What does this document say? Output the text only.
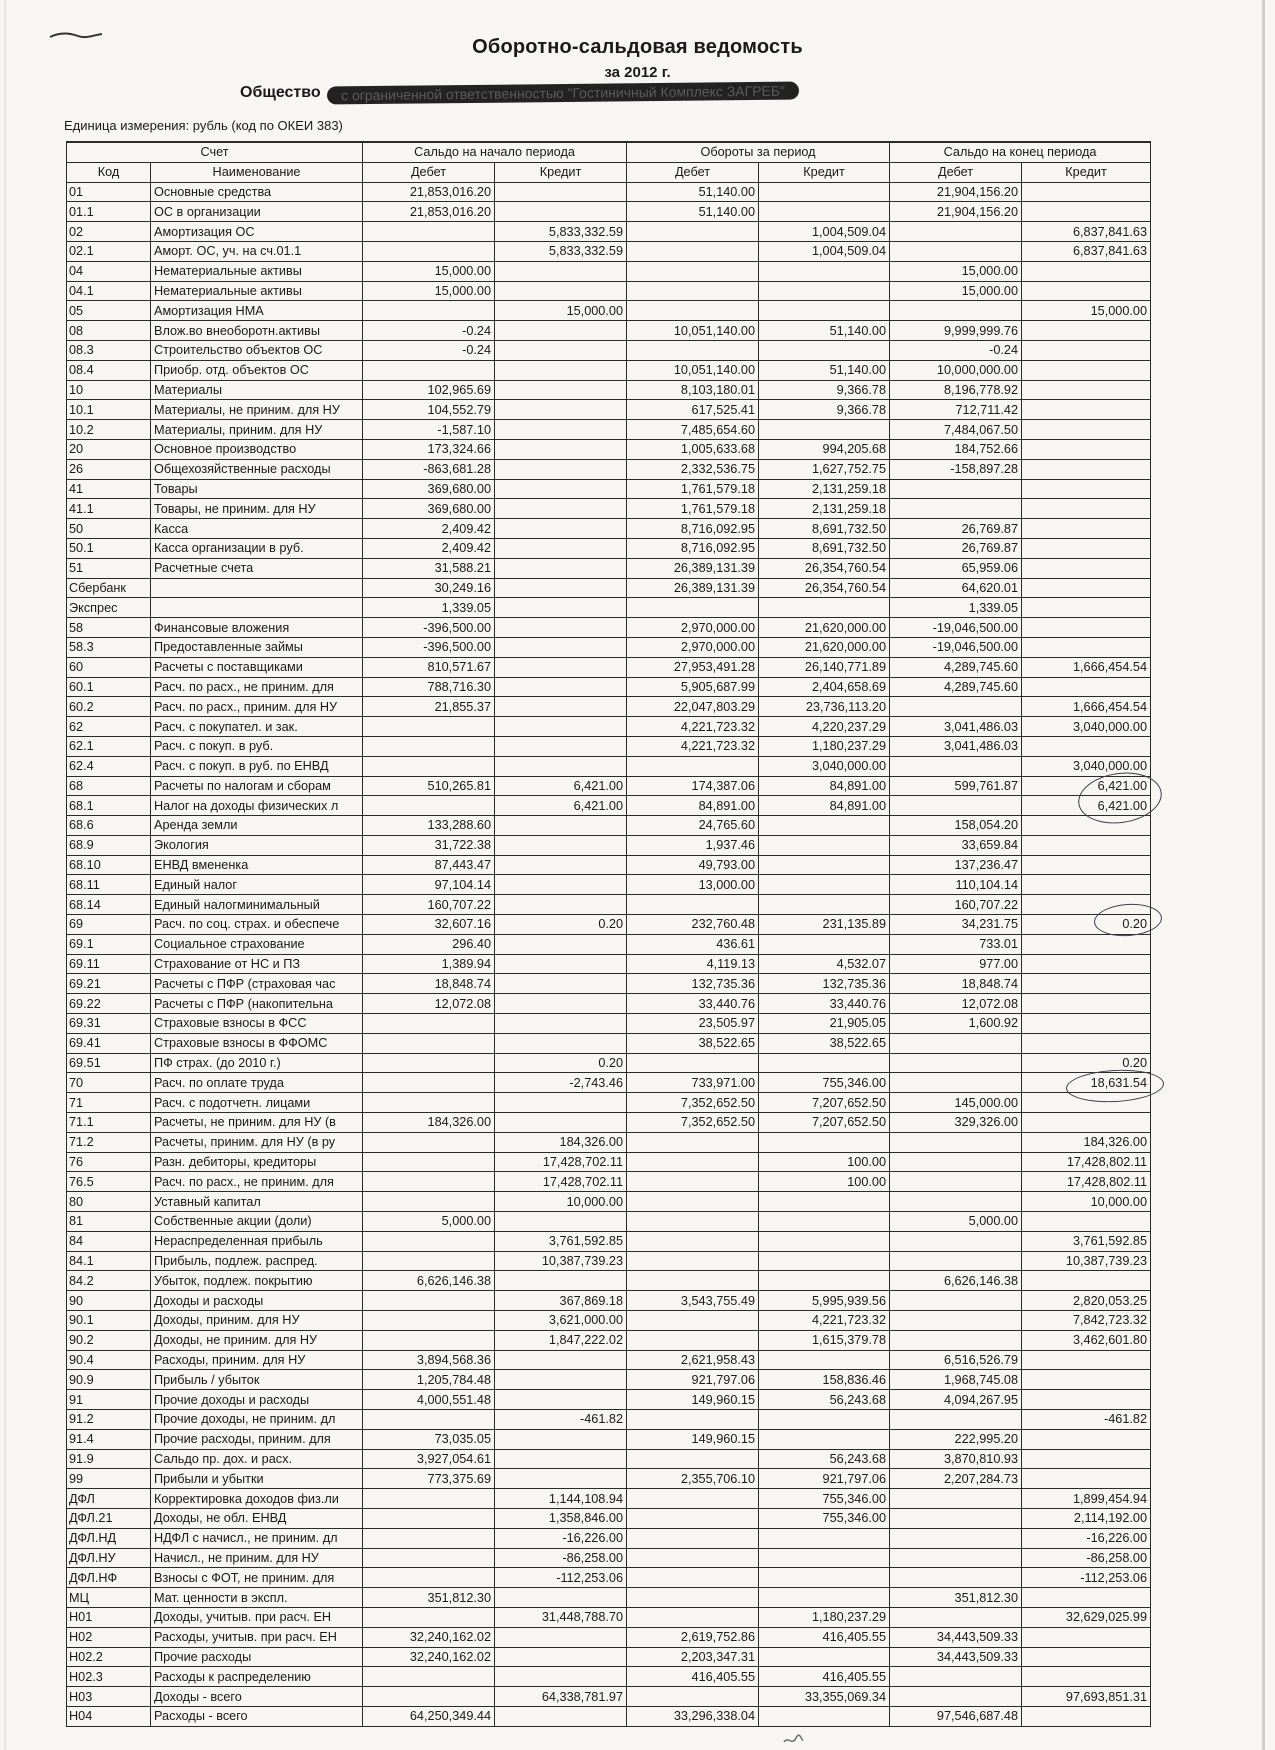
Оборотно-сальдовая ведомость
за 2012 г.
Общество	с ограниченной ответственностью "Гостиничный Комплекс ЗАГРЕБ"
Единица измерения: рубль (код по ОКЕИ 383)
Счет		Сальдо на начало периода		Обороты за период		Сальдо на конец периода	
Код	Наименование	Дебет	Кредит	Дебет	Кредит	Дебет	Кредит
01	Основные средства	21,853,016.20		51,140.00		21,904,156.20	
01.1	ОС в организации	21,853,016.20		51,140.00		21,904,156.20	
02	Амортизация ОС		5,833,332.59		1,004,509.04		6,837,841.63
02.1	Аморт. ОС, уч. на сч.01.1		5,833,332.59		1,004,509.04		6,837,841.63
04	Нематериальные активы	15,000.00				15,000.00	
04.1	Нематериальные активы	15,000.00				15,000.00	
05	Амортизация НМА		15,000.00				15,000.00
08	Влож.во внеоборотн.активы	-0.24		10,051,140.00	51,140.00	9,999,999.76	
08.3	Строительство объектов ОС	-0.24				-0.24	
08.4	Приобр. отд. объектов ОС			10,051,140.00	51,140.00	10,000,000.00	
10	Материалы	102,965.69		8,103,180.01	9,366.78	8,196,778.92	
10.1	Материалы, не приним. для НУ	104,552.79		617,525.41	9,366.78	712,711.42	
10.2	Материалы, приним. для НУ	-1,587.10		7,485,654.60		7,484,067.50	
20	Основное производство	173,324.66		1,005,633.68	994,205.68	184,752.66	
26	Общехозяйственные расходы	-863,681.28		2,332,536.75	1,627,752.75	-158,897.28	
41	Товары	369,680.00		1,761,579.18	2,131,259.18		
41.1	Товары, не приним. для НУ	369,680.00		1,761,579.18	2,131,259.18		
50	Касса	2,409.42		8,716,092.95	8,691,732.50	26,769.87	
50.1	Касса организации в руб.	2,409.42		8,716,092.95	8,691,732.50	26,769.87	
51	Расчетные счета	31,588.21		26,389,131.39	26,354,760.54	65,959.06	
Сбербанк		30,249.16		26,389,131.39	26,354,760.54	64,620.01	
Экспрес		1,339.05				1,339.05	
58	Финансовые вложения	-396,500.00		2,970,000.00	21,620,000.00	-19,046,500.00	
58.3	Предоставленные займы	-396,500.00		2,970,000.00	21,620,000.00	-19,046,500.00	
60	Расчеты с поставщиками	810,571.67		27,953,491.28	26,140,771.89	4,289,745.60	1,666,454.54
60.1	Расч. по расх., не приним. для	788,716.30		5,905,687.99	2,404,658.69	4,289,745.60	
60.2	Расч. по расх., приним. для НУ	21,855.37		22,047,803.29	23,736,113.20		1,666,454.54
62	Расч. с покупател. и зак.			4,221,723.32	4,220,237.29	3,041,486.03	3,040,000.00
62.1	Расч. с покуп. в руб.			4,221,723.32	1,180,237.29	3,041,486.03	
62.4	Расч. с покуп. в руб. по ЕНВД				3,040,000.00		3,040,000.00
68	Расчеты по налогам и сборам	510,265.81	6,421.00	174,387.06	84,891.00	599,761.87	6,421.00
68.1	Налог на доходы физических л		6,421.00	84,891.00	84,891.00		6,421.00
68.6	Аренда земли	133,288.60		24,765.60		158,054.20	
68.9	Экология	31,722.38		1,937.46		33,659.84	
68.10	ЕНВД вмененка	87,443.47		49,793.00		137,236.47	
68.11	Единый налог	97,104.14		13,000.00		110,104.14	
68.14	Единый налогминимальный	160,707.22				160,707.22	
69	Расч. по соц. страх. и обеспече	32,607.16	0.20	232,760.48	231,135.89	34,231.75	0.20
69.1	Социальное страхование	296.40		436.61		733.01	
69.11	Страхование от НС и ПЗ	1,389.94		4,119.13	4,532.07	977.00	
69.21	Расчеты с ПФР (страховая час	18,848.74		132,735.36	132,735.36	18,848.74	
69.22	Расчеты с ПФР (накопительна	12,072.08		33,440.76	33,440.76	12,072.08	
69.31	Страховые взносы в ФСС			23,505.97	21,905.05	1,600.92	
69.41	Страховые взносы в ФФОМС			38,522.65	38,522.65		
69.51	ПФ страх. (до 2010 г.)		0.20				0.20
70	Расч. по оплате труда		-2,743.46	733,971.00	755,346.00		18,631.54
71	Расч. с подотчетн. лицами			7,352,652.50	7,207,652.50	145,000.00	
71.1	Расчеты, не приним. для НУ (в	184,326.00		7,352,652.50	7,207,652.50	329,326.00	
71.2	Расчеты, приним. для НУ (в ру		184,326.00				184,326.00
76	Разн. дебиторы, кредиторы		17,428,702.11		100.00		17,428,802.11
76.5	Расч. по расх., не приним. для		17,428,702.11		100.00		17,428,802.11
80	Уставный капитал		10,000.00				10,000.00
81	Собственные акции (доли)	5,000.00				5,000.00	
84	Нераспределенная прибыль		3,761,592.85				3,761,592.85
84.1	Прибыль, подлеж. распред.		10,387,739.23				10,387,739.23
84.2	Убыток, подлеж. покрытию	6,626,146.38				6,626,146.38	
90	Доходы и расходы		367,869.18	3,543,755.49	5,995,939.56		2,820,053.25
90.1	Доходы, приним. для НУ		3,621,000.00		4,221,723.32		7,842,723.32
90.2	Доходы, не приним. для НУ		1,847,222.02		1,615,379.78		3,462,601.80
90.4	Расходы, приним. для НУ	3,894,568.36		2,621,958.43		6,516,526.79	
90.9	Прибыль / убыток	1,205,784.48		921,797.06	158,836.46	1,968,745.08	
91	Прочие доходы и расходы	4,000,551.48		149,960.15	56,243.68	4,094,267.95	
91.2	Прочие доходы, не приним. дл		-461.82				-461.82
91.4	Прочие расходы, приним. для	73,035.05		149,960.15		222,995.20	
91.9	Сальдо пр. дох. и расх.	3,927,054.61			56,243.68	3,870,810.93	
99	Прибыли и убытки	773,375.69		2,355,706.10	921,797.06	2,207,284.73	
ДФЛ	Корректировка доходов физ.ли		1,144,108.94		755,346.00		1,899,454.94
ДФЛ.21	Доходы, не обл. ЕНВД		1,358,846.00		755,346.00		2,114,192.00
ДФЛ.НД	НДФЛ с начисл., не приним. дл		-16,226.00				-16,226.00
ДФЛ.НУ	Начисл., не приним. для НУ		-86,258.00				-86,258.00
ДФЛ.НФ	Взносы с ФОТ, не приним. для		-112,253.06				-112,253.06
МЦ	Мат. ценности в экспл.	351,812.30				351,812.30	
Н01	Доходы, учитыв. при расч. ЕН		31,448,788.70		1,180,237.29		32,629,025.99
Н02	Расходы, учитыв. при расч. ЕН	32,240,162.02		2,619,752.86	416,405.55	34,443,509.33	
Н02.2	Прочие расходы	32,240,162.02		2,203,347.31		34,443,509.33	
Н02.3	Расходы к распределению			416,405.55	416,405.55		
Н03	Доходы - всего		64,338,781.97		33,355,069.34		97,693,851.31
Н04	Расходы - всего	64,250,349.44		33,296,338.04		97,546,687.48	
